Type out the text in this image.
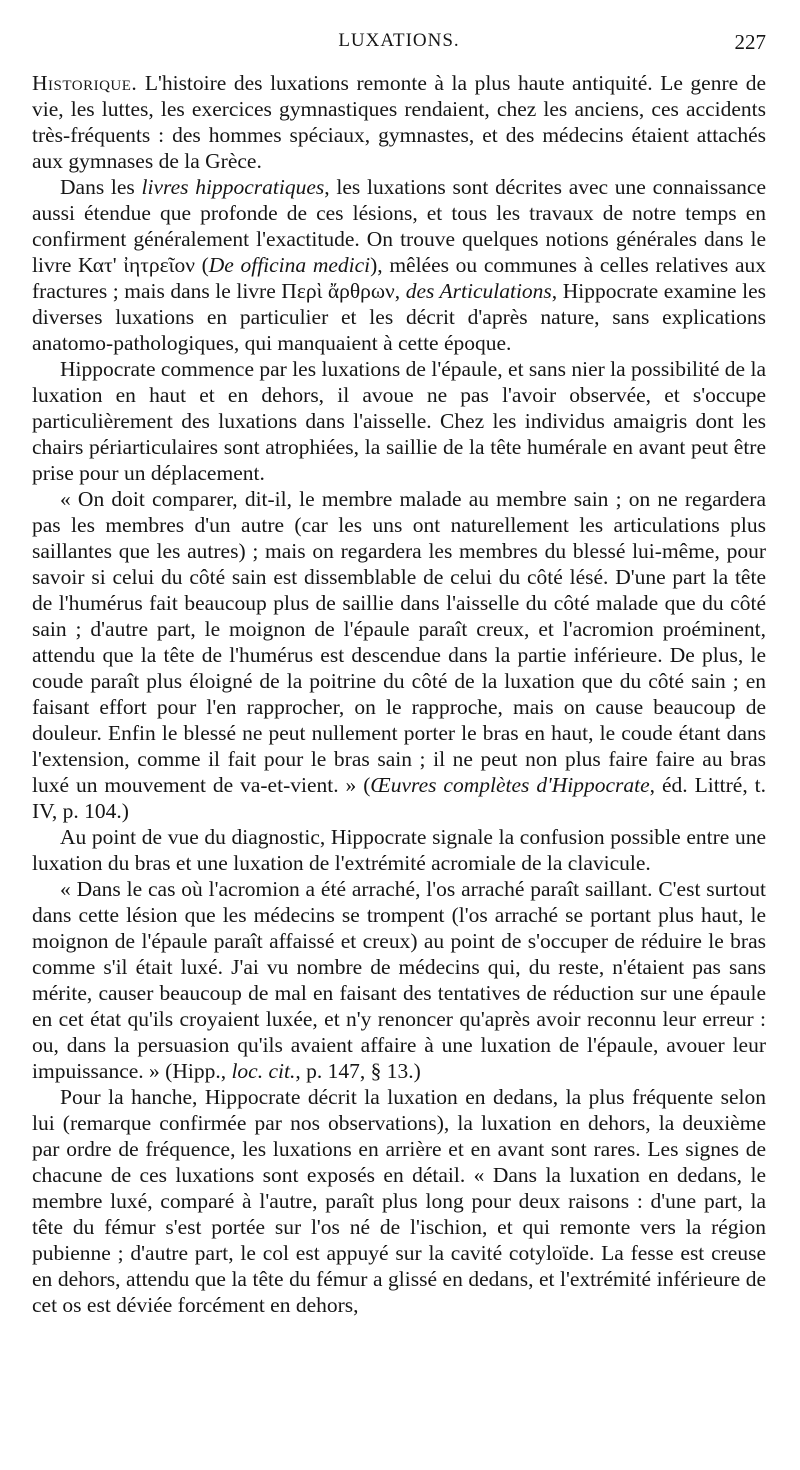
LUXATIONS.	227

Historique. L'histoire des luxations remonte à la plus haute antiquité. Le genre de vie, les luttes, les exercices gymnastiques rendaient, chez les anciens, ces accidents très-fréquents : des hommes spéciaux, gymnastes, et des médecins étaient attachés aux gymnases de la Grèce.

Dans les livres hippocratiques, les luxations sont décrites avec une connaissance aussi étendue que profonde de ces lésions, et tous les travaux de notre temps en confirment généralement l'exactitude. On trouve quelques notions générales dans le livre Κατ' ἰητρεῖον (De officina medici), mêlées ou communes à celles relatives aux fractures ; mais dans le livre Περὶ ἄρθρων, des Articulations, Hippocrate examine les diverses luxations en particulier et les décrit d'après nature, sans explications anatomo-pathologiques, qui manquaient à cette époque.

Hippocrate commence par les luxations de l'épaule, et sans nier la possibilité de la luxation en haut et en dehors, il avoue ne pas l'avoir observée, et s'occupe particulièrement des luxations dans l'aisselle. Chez les individus amaigris dont les chairs périarticulaires sont atrophiées, la saillie de la tête humérale en avant peut être prise pour un déplacement.

« On doit comparer, dit-il, le membre malade au membre sain ; on ne regardera pas les membres d'un autre (car les uns ont naturellement les articulations plus saillantes que les autres) ; mais on regardera les membres du blessé lui-même, pour savoir si celui du côté sain est dissemblable de celui du côté lésé. D'une part la tête de l'humérus fait beaucoup plus de saillie dans l'aisselle du côté malade que du côté sain ; d'autre part, le moignon de l'épaule paraît creux, et l'acromion proéminent, attendu que la tête de l'humérus est descendue dans la partie inférieure. De plus, le coude paraît plus éloigné de la poitrine du côté de la luxation que du côté sain ; en faisant effort pour l'en rapprocher, on le rapproche, mais on cause beaucoup de douleur. Enfin le blessé ne peut nullement porter le bras en haut, le coude étant dans l'extension, comme il fait pour le bras sain ; il ne peut non plus faire faire au bras luxé un mouvement de va-et-vient. » (Œuvres complètes d'Hippocrate, éd. Littré, t. IV, p. 104.)

Au point de vue du diagnostic, Hippocrate signale la confusion possible entre une luxation du bras et une luxation de l'extrémité acromiale de la clavicule.

« Dans le cas où l'acromion a été arraché, l'os arraché paraît saillant. C'est surtout dans cette lésion que les médecins se trompent (l'os arraché se portant plus haut, le moignon de l'épaule paraît affaissé et creux) au point de s'occuper de réduire le bras comme s'il était luxé. J'ai vu nombre de médecins qui, du reste, n'étaient pas sans mérite, causer beaucoup de mal en faisant des tentatives de réduction sur une épaule en cet état qu'ils croyaient luxée, et n'y renoncer qu'après avoir reconnu leur erreur : ou, dans la persuasion qu'ils avaient affaire à une luxation de l'épaule, avouer leur impuissance. » (Hipp., loc. cit., p. 147, § 13.)

Pour la hanche, Hippocrate décrit la luxation en dedans, la plus fréquente selon lui (remarque confirmée par nos observations), la luxation en dehors, la deuxième par ordre de fréquence, les luxations en arrière et en avant sont rares. Les signes de chacune de ces luxations sont exposés en détail. « Dans la luxation en dedans, le membre luxé, comparé à l'autre, paraît plus long pour deux raisons : d'une part, la tête du fémur s'est portée sur l'os né de l'ischion, et qui remonte vers la région pubienne ; d'autre part, le col est appuyé sur la cavité cotyloïde. La fesse est creuse en dehors, attendu que la tête du fémur a glissé en dedans, et l'extrémité inférieure de cet os est déviée forcément en dehors,
